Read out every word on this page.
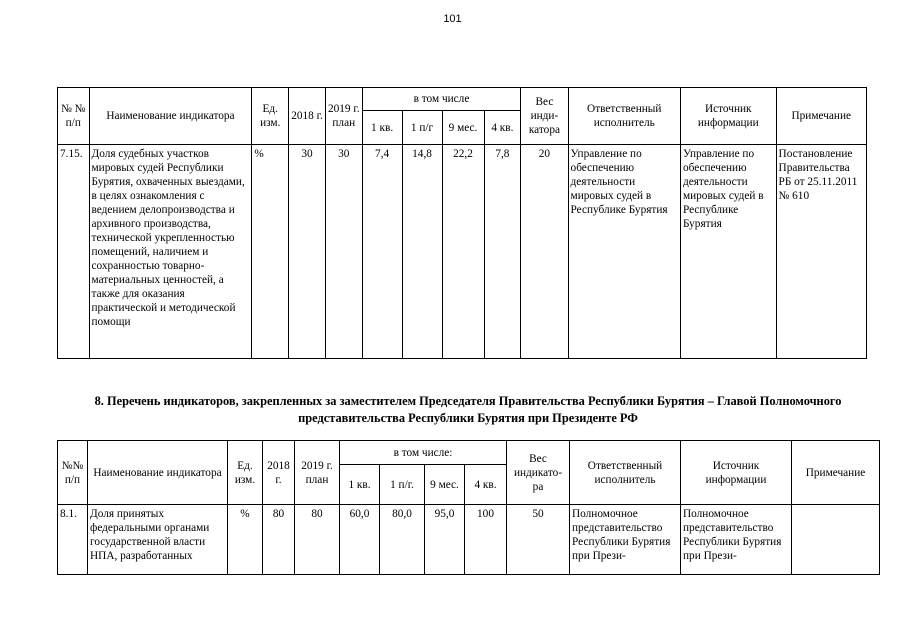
101
№ № п/п	Наименование индикатора	Ед. изм.	2018 г.	2019 г. план	в том числе				Вес инди-катора	Ответственный исполнитель	Источник информации	Примечание
					1 кв.	1 п/г	9 мес.	4 кв.				
7.15.	Доля судебных участков мировых судей Республики Бурятия, охваченных выездами, в целях ознакомления с ведением делопроизводства и архивного производства, технической укрепленностью помещений, наличием и сохранностью товарно-материальных ценностей, а также для оказания практической и методической помощи	%	30	30	7,4	14,8	22,2	7,8	20	Управление по обеспечению деятельности мировых судей в Республике Бурятия	Управление по обеспечению деятельности мировых судей в Республике Бурятия	Постановление Правительства РБ от 25.11.2011 № 610
8. Перечень индикаторов, закрепленных за заместителем Председателя Правительства Республики Бурятия – Главой Полномочного представительства Республики Бурятия при Президенте РФ
№№ п/п	Наименование индикатора	Ед. изм.	2018 г.	2019 г. план	в том числе:				Вес индикато-ра	Ответственный исполнитель	Источник информации	Примечание
					1 кв.	1 п/г.	9 мес.	4 кв.				
8.1.	Доля принятых федеральными органами государственной власти НПА, разработанных	%	80	80	60,0	80,0	95,0	100	50	Полномочное представительство Республики Бурятия при Прези-	Полномочное представительство Республики Бурятия при Прези-	
